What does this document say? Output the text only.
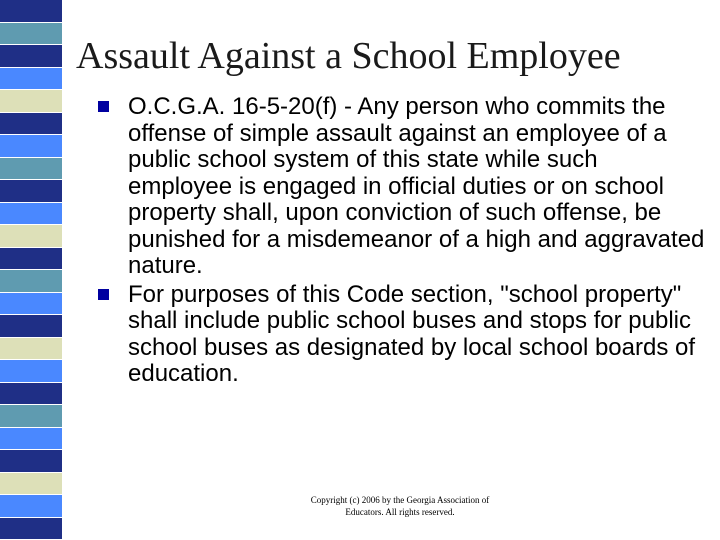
Assault Against a School Employee
O.C.G.A. 16-5-20(f) - Any person who commits the offense of simple assault against an employee of a public school system of this state while such employee is engaged in official duties or on school property shall, upon conviction of such offense, be punished for a misdemeanor of a high and aggravated nature.
For purposes of this Code section, "school property" shall include public school buses and stops for public school buses as designated by local school boards of education.

Copyright (c) 2006 by the Georgia Association of
Educators. All rights reserved.
